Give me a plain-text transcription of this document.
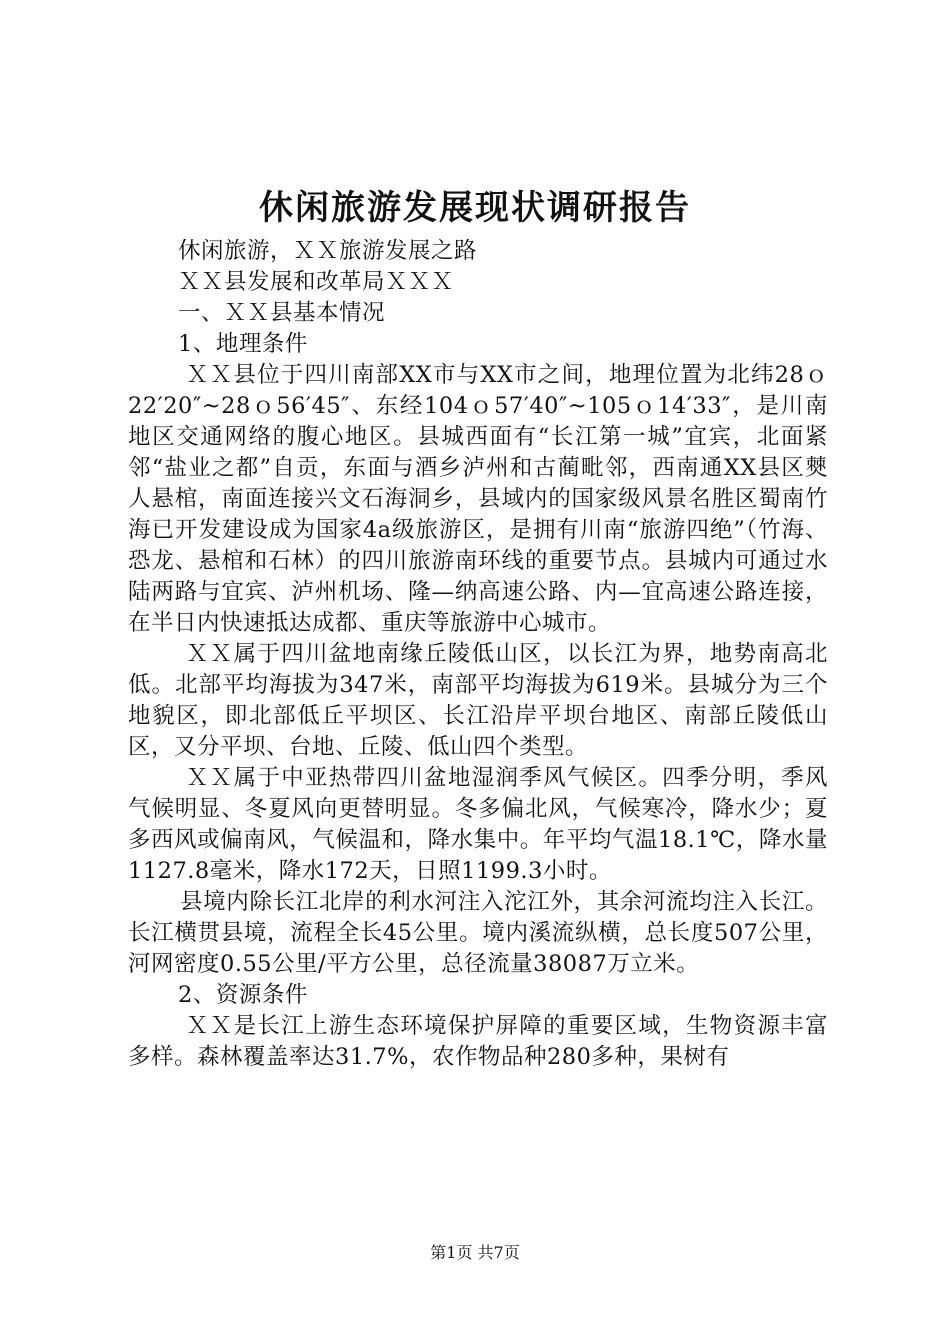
休闲旅游发展现状调研报告

休闲旅游，ＸＸ旅游发展之路

ＸＸ县发展和改革局ＸＸＸ

一、ＸＸ县基本情况

1、地理条件

ＸＸ县位于四川南部XX市与XX市之间，地理位置为北纬28ｏ22′20″~28ｏ56′45″、东经104ｏ57′40″~105ｏ14′33″，是川南地区交通网络的腹心地区。县城西面有“长江第一城”宜宾，北面紧邻“盐业之都”自贡，东面与酒乡泸州和古蔺毗邻，西南通XX县区僰人悬棺，南面连接兴文石海洞乡，县域内的国家级风景名胜区蜀南竹海已开发建设成为国家4a级旅游区，是拥有川南“旅游四绝”（竹海、恐龙、悬棺和石林）的四川旅游南环线的重要节点。县城内可通过水陆两路与宜宾、泸州机场、隆—纳高速公路、内—宜高速公路连接，在半日内快速抵达成都、重庆等旅游中心城市。

ＸＸ属于四川盆地南缘丘陵低山区，以长江为界，地势南高北低。北部平均海拔为347米，南部平均海拔为619米。县城分为三个地貌区，即北部低丘平坝区、长江沿岸平坝台地区、南部丘陵低山区，又分平坝、台地、丘陵、低山四个类型。

ＸＸ属于中亚热带四川盆地湿润季风气候区。四季分明，季风气候明显、冬夏风向更替明显。冬多偏北风，气候寒冷，降水少；夏多西风或偏南风，气候温和，降水集中。年平均气温18.1℃，降水量1127.8毫米，降水172天，日照1199.3小时。

县境内除长江北岸的利水河注入沱江外，其余河流均注入长江。长江横贯县境，流程全长45公里。境内溪流纵横，总长度507公里，河网密度0.55公里/平方公里，总径流量38087万立米。

2、资源条件

ＸＸ是长江上游生态环境保护屏障的重要区域，生物资源丰富多样。森林覆盖率达31.7%，农作物品种280多种，果树有

第1页 共7页
